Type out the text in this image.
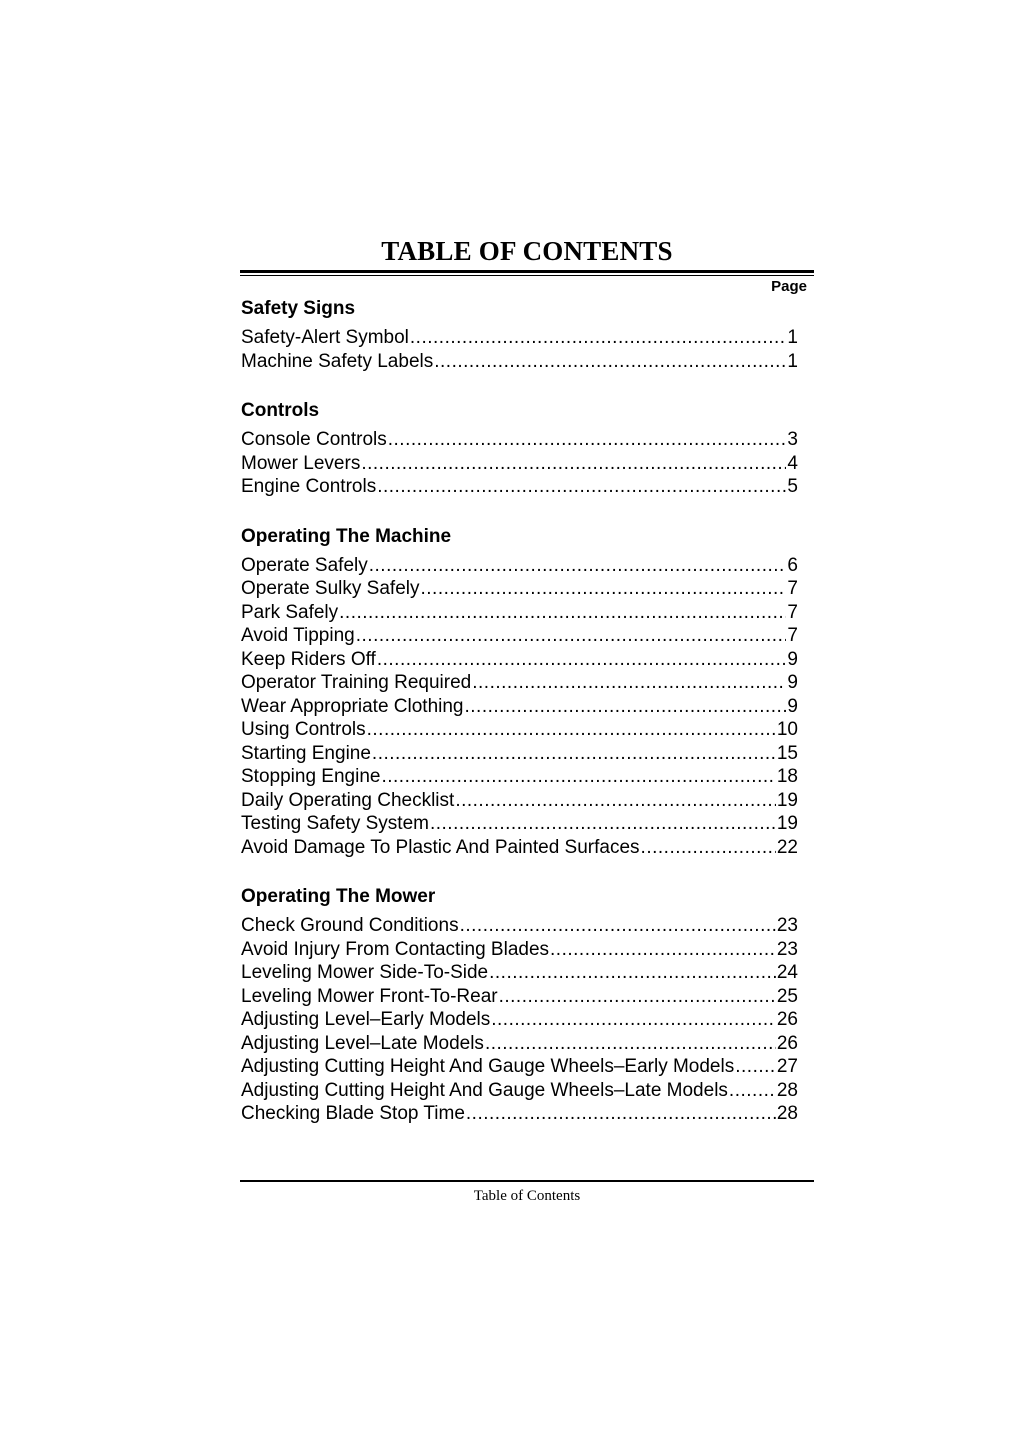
TABLE OF CONTENTS
Page
Safety Signs
Safety-Alert Symbol .....	1
Machine Safety Labels .....	1
Controls
Console Controls .....	3
Mower Levers .....	4
Engine Controls .....	5
Operating The Machine
Operate Safely .....	6
Operate Sulky Safely .....	7
Park Safely .....	7
Avoid Tipping .....	7
Keep Riders Off .....	9
Operator Training Required .....	9
Wear Appropriate Clothing .....	9
Using Controls .....	10
Starting Engine .....	15
Stopping Engine .....	18
Daily Operating Checklist .....	19
Testing Safety System .....	19
Avoid Damage To Plastic And Painted Surfaces .....	22
Operating The Mower
Check Ground Conditions .....	23
Avoid Injury From Contacting Blades .....	23
Leveling Mower Side-To-Side .....	24
Leveling Mower Front-To-Rear .....	25
Adjusting Level–Early Models .....	26
Adjusting Level–Late Models .....	26
Adjusting Cutting Height And Gauge Wheels–Early Models ..... 27
Adjusting Cutting Height And Gauge Wheels–Late Models .....	28
Checking Blade Stop Time .....	28
Table of Contents
